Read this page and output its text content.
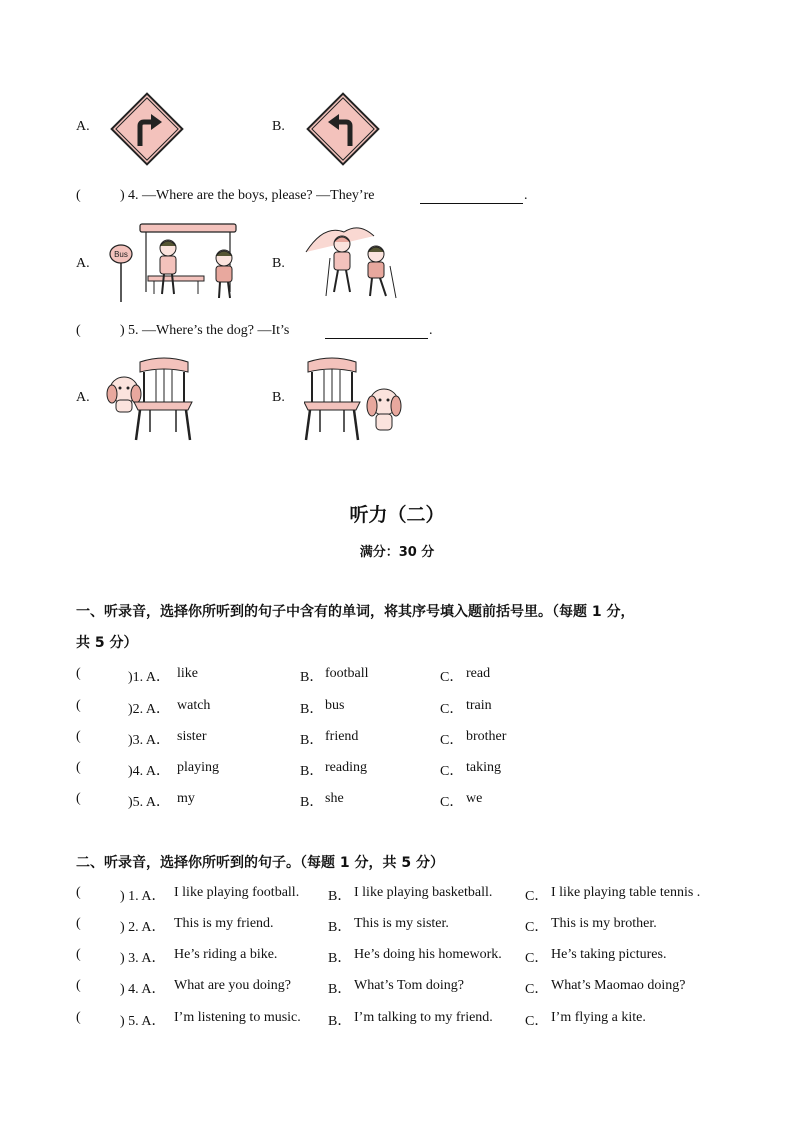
A.	B.
(	) 4. —Where are the boys, please? —They’re	.
A.
Bus
B.
(	) 5. —Where’s the dog? —It’s	.
A.	B.
听力（二）
满分：30 分
一、听录音，选择你所听到的句子中含有的单词，将其序号填入题前括号里。（每题 1 分，
共 5 分）
(	)1. A． like	B． football	C． read
(	)2. A． watch	B． bus	C． train
(	)3. A． sister	B． friend	C． brother
(	)4. A． playing	B． reading	C． taking
(	)5. A． my	B． she	C． we
二、听录音，选择你所听到的句子。（每题 1 分，共 5 分）
(	) 1. A． I like playing football. B． I like playing basketball. C． I like playing table tennis .
(	) 2. A． This is my friend.	B． This is my sister.	C． This is my brother.
(	) 3. A． He’s riding a bike.	B． He’s doing his homework. C． He’s taking pictures.
(	) 4. A． What are you doing?	B． What’s Tom doing?	C． What’s Maomao doing?
(	) 5. A． I’m listening to music. B． I’m talking to my friend. C． I’m flying a kite.
